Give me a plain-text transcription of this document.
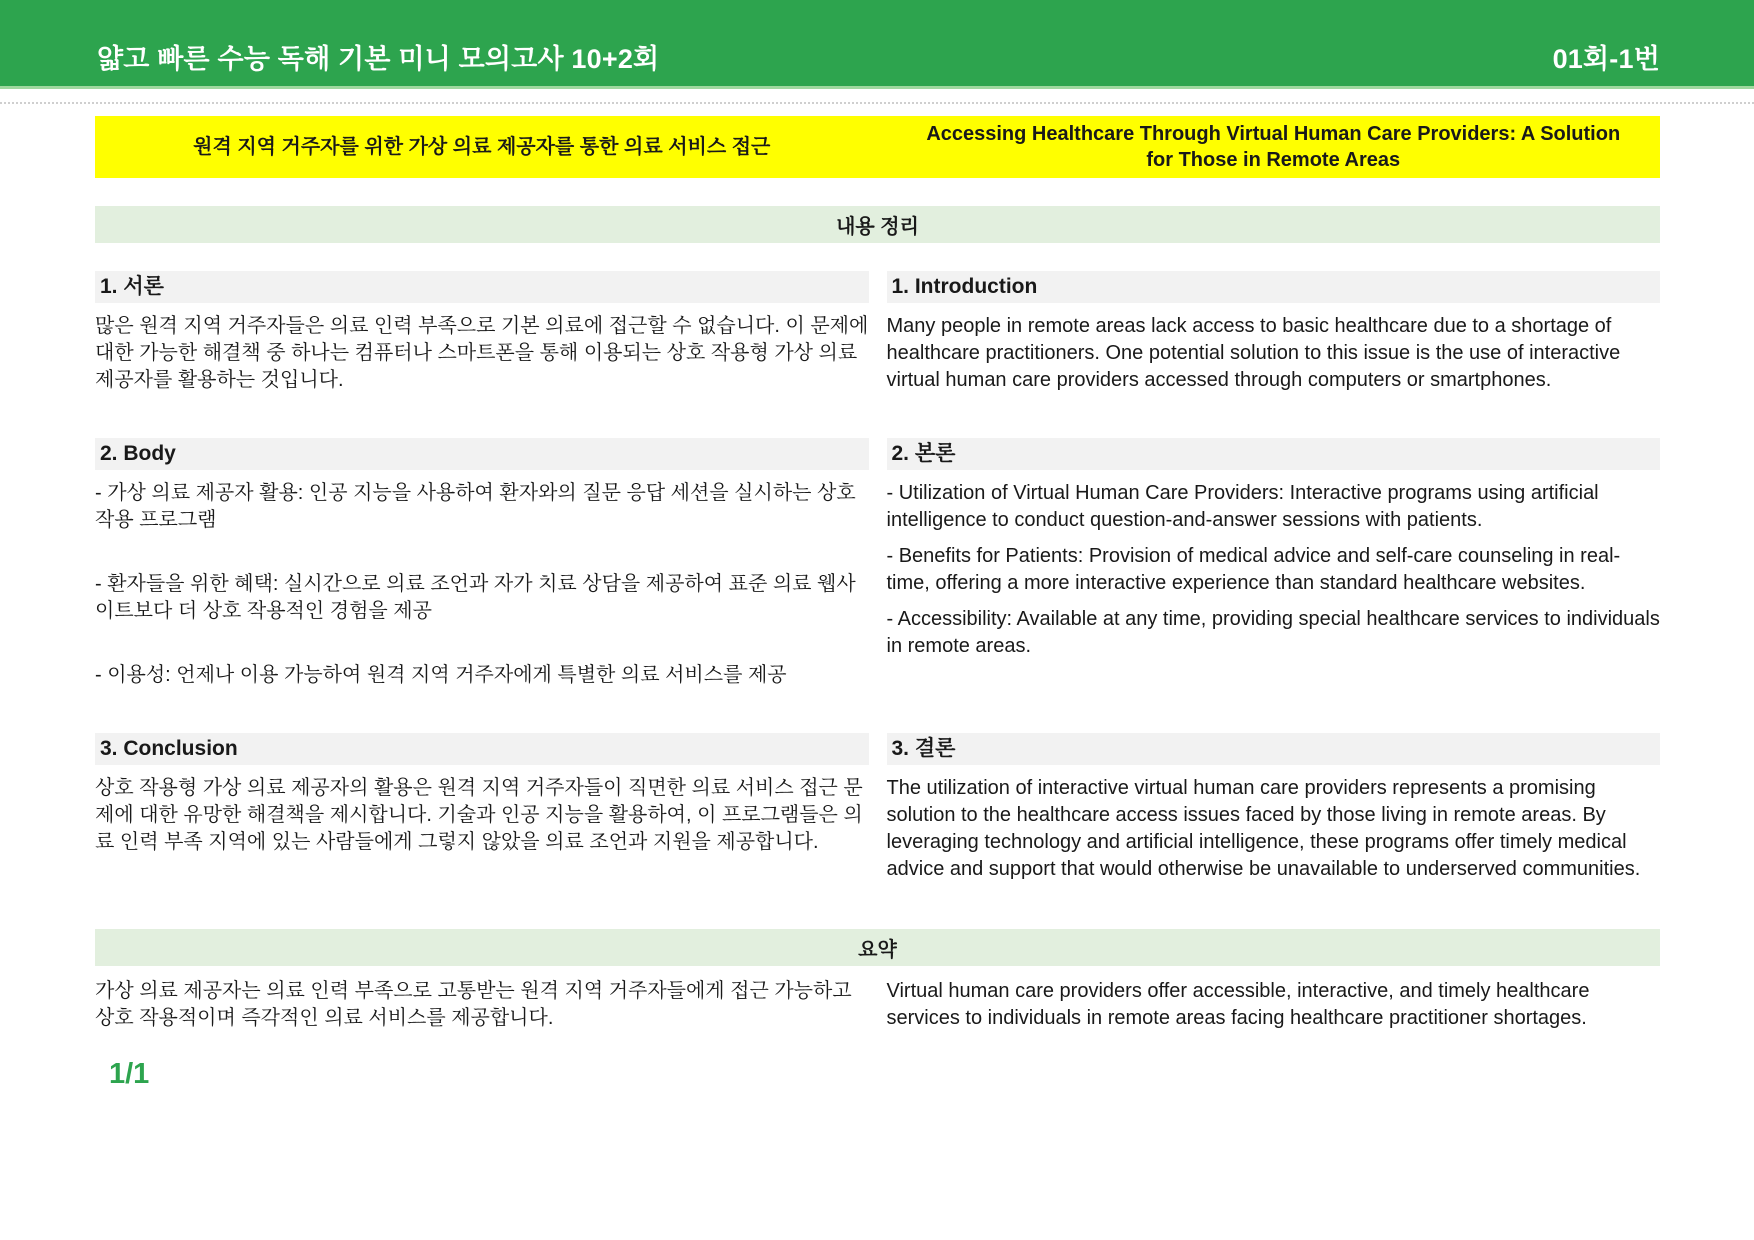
얇고 빠른 수능 독해 기본 미니 모의고사 10+2회	01회-1번
원격 지역 거주자를 위한 가상 의료 제공자를 통한 의료 서비스 접근
Accessing Healthcare Through Virtual Human Care Providers: A Solution for Those in Remote Areas
내용 정리
1. 서론	1. Introduction

많은 원격 지역 거주자들은 의료 인력 부족으로 기본 의료에 접근할 수 없습니다. 이 문제에 대한 가능한 해결책 중 하나는 컴퓨터나 스마트폰을 통해 이용되는 상호 작용형 가상 의료 제공자를 활용하는 것입니다.

Many people in remote areas lack access to basic healthcare due to a shortage of healthcare practitioners. One potential solution to this issue is the use of interactive virtual human care providers accessed through computers or smartphones.

2. Body	2. 본론

- 가상 의료 제공자 활용: 인공 지능을 사용하여 환자와의 질문 응답 세션을 실시하는 상호 작용 프로그램

- 환자들을 위한 혜택: 실시간으로 의료 조언과 자가 치료 상담을 제공하여 표준 의료 웹사이트보다 더 상호 작용적인 경험을 제공

- 이용성: 언제나 이용 가능하여 원격 지역 거주자에게 특별한 의료 서비스를 제공

- Utilization of Virtual Human Care Providers: Interactive programs using artificial intelligence to conduct question-and-answer sessions with patients.

- Benefits for Patients: Provision of medical advice and self-care counseling in real-time, offering a more interactive experience than standard healthcare websites.

- Accessibility: Available at any time, providing special healthcare services to individuals in remote areas.

3. Conclusion	3. 결론

상호 작용형 가상 의료 제공자의 활용은 원격 지역 거주자들이 직면한 의료 서비스 접근 문제에 대한 유망한 해결책을 제시합니다. 기술과 인공 지능을 활용하여, 이 프로그램들은 의료 인력 부족 지역에 있는 사람들에게 그렇지 않았을 의료 조언과 지원을 제공합니다.

The utilization of interactive virtual human care providers represents a promising solution to the healthcare access issues faced by those living in remote areas. By leveraging technology and artificial intelligence, these programs offer timely medical advice and support that would otherwise be unavailable to underserved communities.

요약

가상 의료 제공자는 의료 인력 부족으로 고통받는 원격 지역 거주자들에게 접근 가능하고 상호 작용적이며 즉각적인 의료 서비스를 제공합니다.

Virtual human care providers offer accessible, interactive, and timely healthcare services to individuals in remote areas facing healthcare practitioner shortages.

1/1
